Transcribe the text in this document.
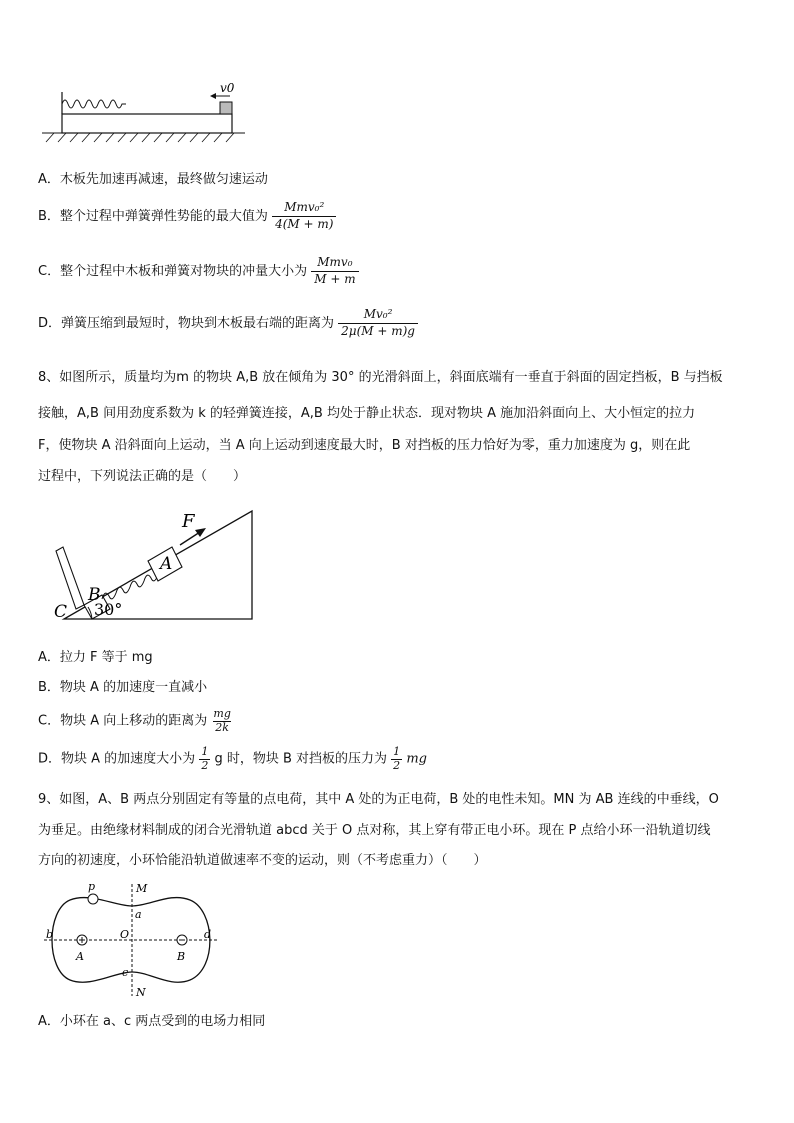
v0
A．木板先加速再减速，最终做匀速运动
B．整个过程中弹簧弹性势能的最大值为 $\frac{\text{Mmv₀²}}{4(M + m)}$
C．整个过程中木板和弹簧对物块的冲量大小为 $\frac{\text{Mmv₀}}{M + m}$
D．弹簧压缩到最短时，物块到木板最右端的距离为 $\frac{\text{Mv₀²}}{2\mu(M + m)g}$
8、如图所示，质量均为m 的物块 A,B 放在倾角为 30° 的光滑斜面上，斜面底端有一垂直于斜面的固定挡板，B 与挡板
接触，A,B 间用劲度系数为 k 的轻弹簧连接，A,B 均处于静止状态．现对物块 A 施加沿斜面向上、大小恒定的拉力
F，使物块 A 沿斜面向上运动，当 A 向上运动到速度最大时，B 对挡板的压力恰好为零，重力加速度为 g，则在此
过程中，下列说法正确的是（　　）
B
A
F
C 30°
A．拉力 F 等于 mg
B．物块 A 的加速度一直减小
C．物块 A 向上移动的距离为 $\frac{mg}{2k}$
D．物块 A 的加速度大小为 $\frac{1}{2}$ g 时，物块 B 对挡板的压力为 $\frac{1}{2}$ mg
9、如图，A、B 两点分别固定有等量的点电荷，其中 A 处的为正电荷，B 处的电性未知。MN 为 AB 连线的中垂线，O
为垂足。由绝缘材料制成的闭合光滑轨道 abcd 关于 O 点对称，其上穿有带正电小环。现在 P 点给小环一沿轨道切线
方向的初速度，小环恰能沿轨道做速率不变的运动，则（不考虑重力）（　　）
p	M
a
b	O	d
A	B
c
N
A．小环在 a、c 两点受到的电场力相同
